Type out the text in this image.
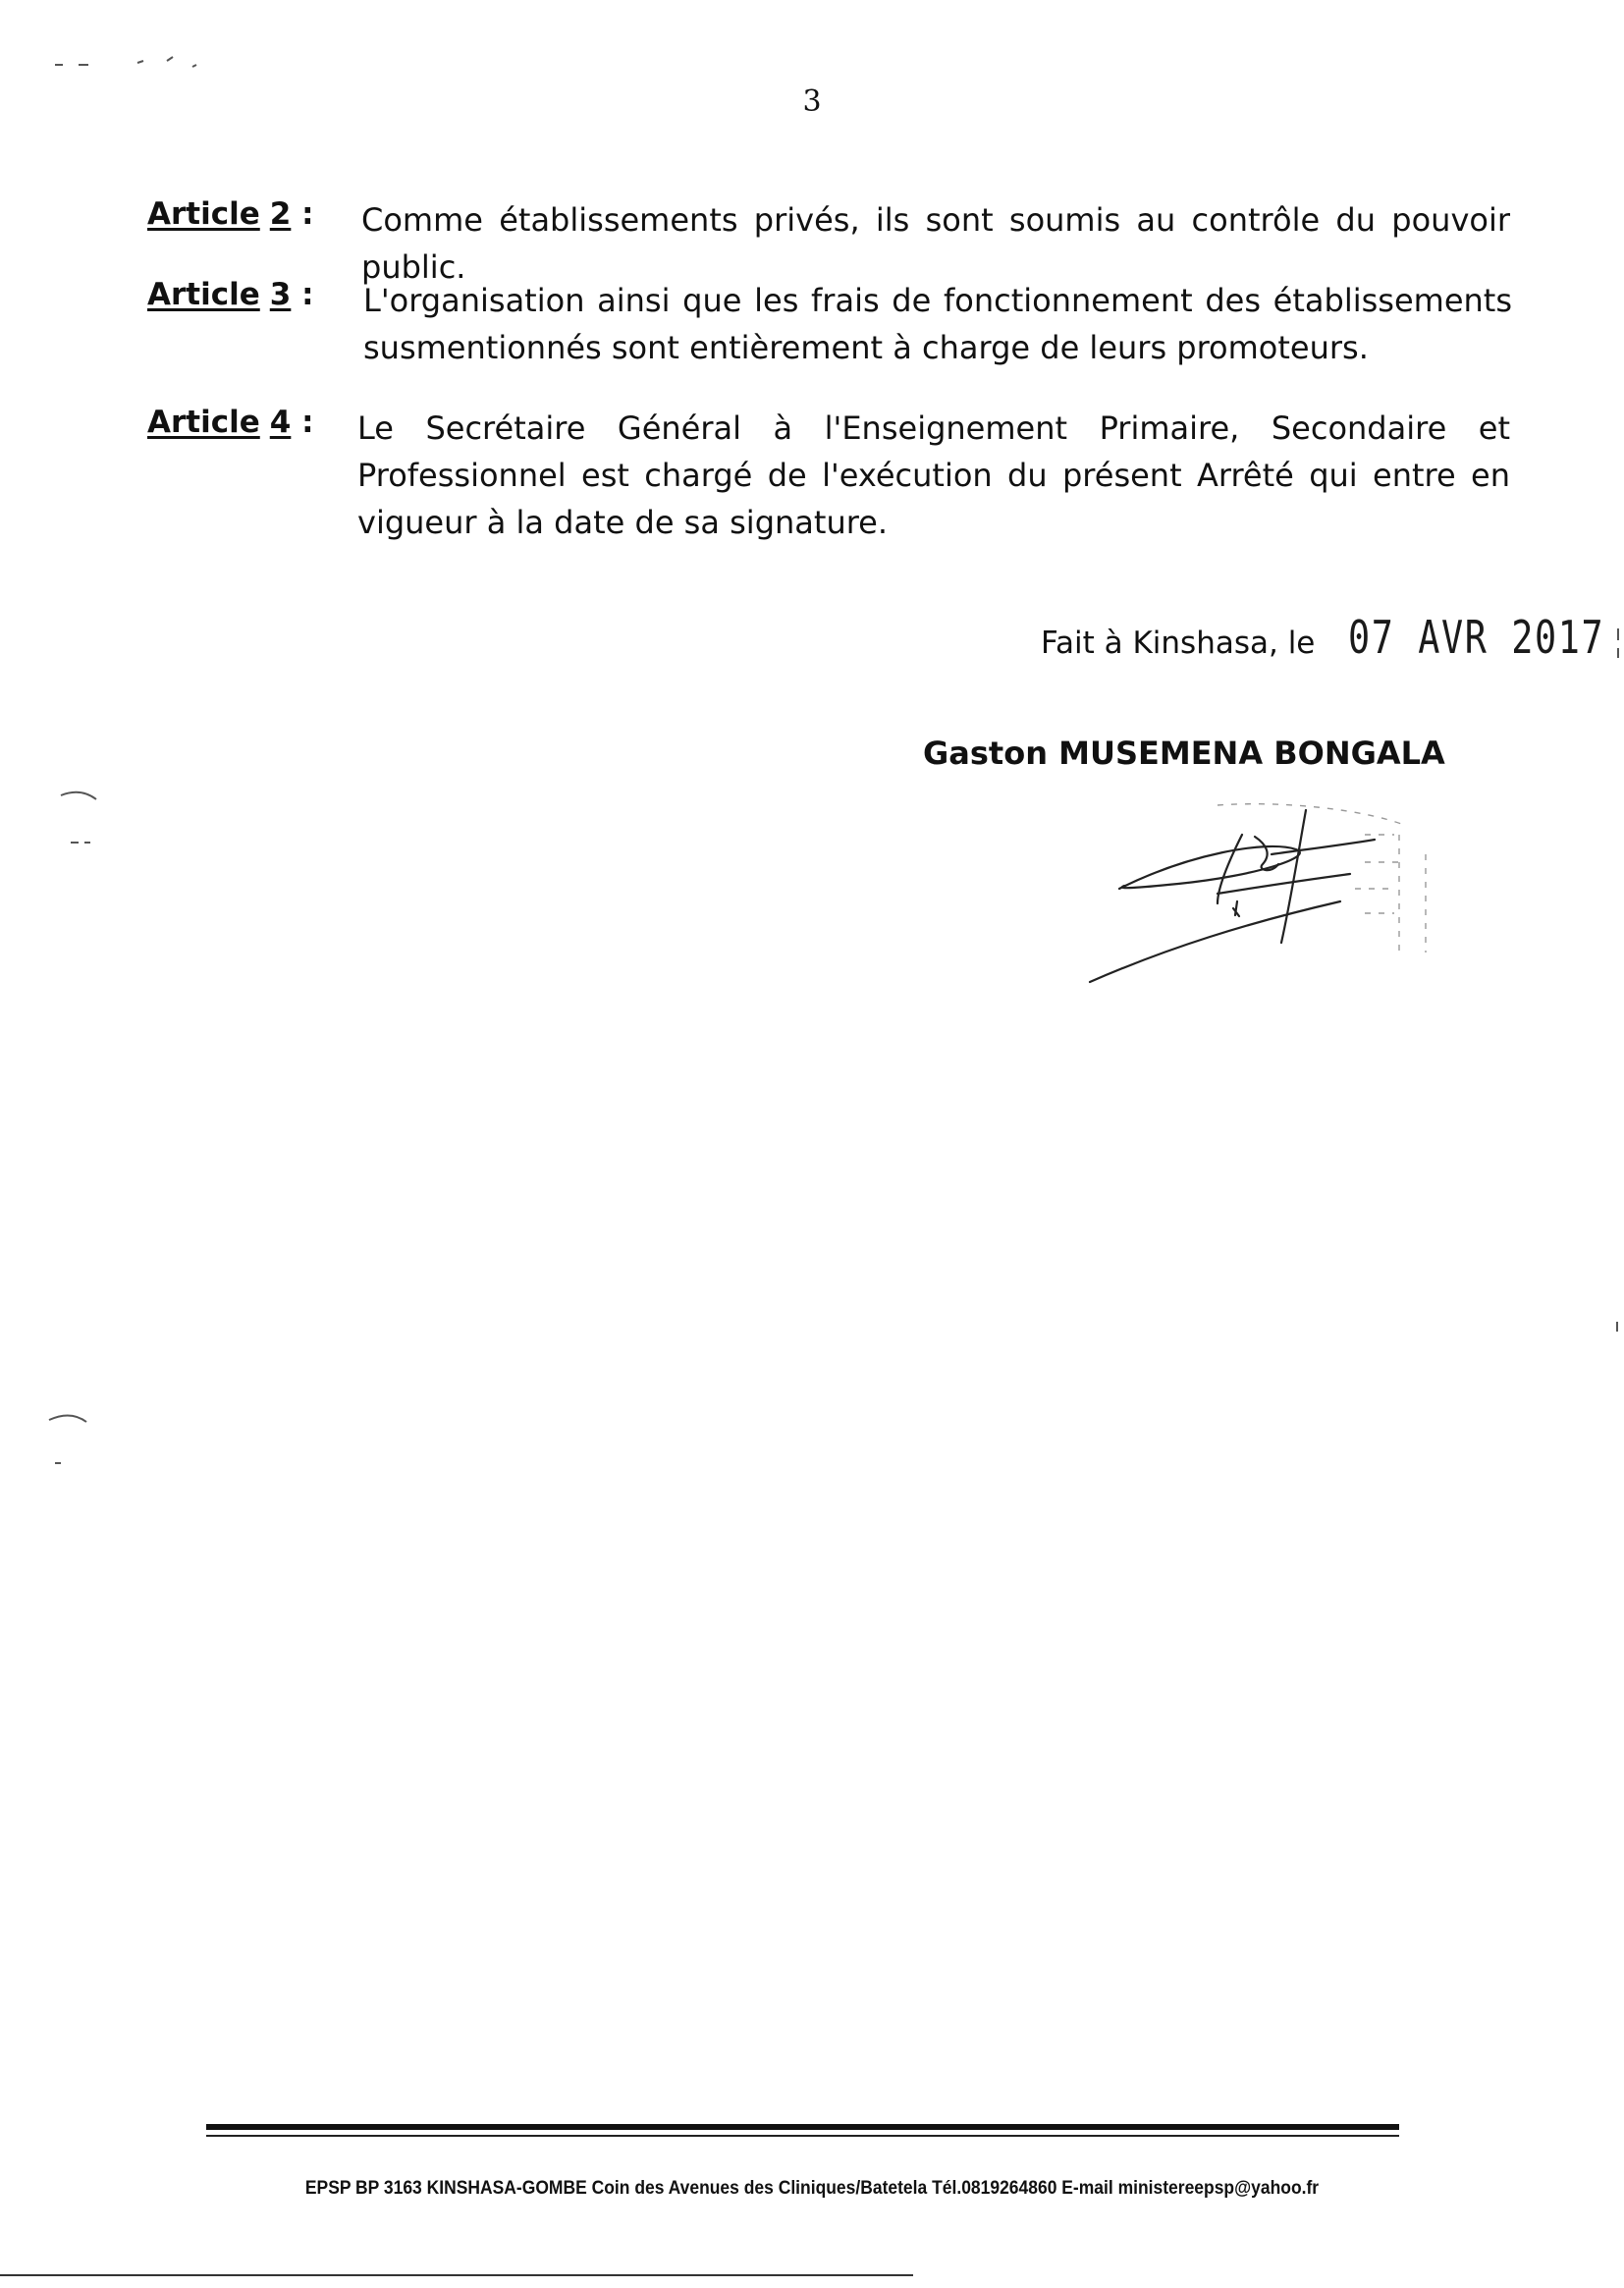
3
Article 2 : Comme établissements privés, ils sont soumis au contrôle du pouvoir public.
Article 3 : L'organisation ainsi que les frais de fonctionnement des établissements susmentionnés sont entièrement à charge de leurs promoteurs.
Article 4 : Le Secrétaire Général à l'Enseignement Primaire, Secondaire et Professionnel est chargé de l'exécution du présent Arrêté qui entre en vigueur à la date de sa signature.
Fait à Kinshasa, le 07 AVR 2017
Gaston MUSEMENA BONGALA
EPSP BP 3163 KINSHASA-GOMBE Coin des Avenues des Cliniques/Batetela Tél.0819264860 E-mail ministereepsp@yahoo.fr
